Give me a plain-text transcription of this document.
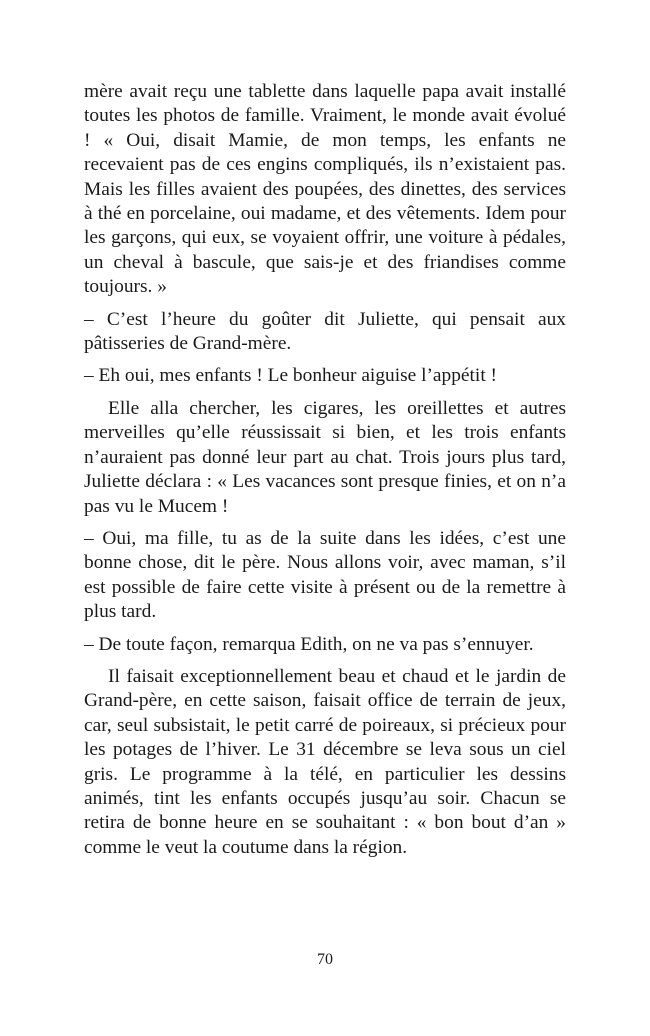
mère avait reçu une tablette dans laquelle papa avait installé toutes les photos de famille. Vraiment, le monde avait évolué ! « Oui, disait Mamie, de mon temps, les enfants ne recevaient pas de ces engins compliqués, ils n’existaient pas. Mais les filles avaient des poupées, des dinettes, des services à thé en porcelaine, oui madame, et des vêtements. Idem pour les garçons, qui eux, se voyaient offrir, une voiture à pédales, un cheval à bascule, que sais-je et des friandises comme toujours. »

– C’est l’heure du goûter dit Juliette, qui pensait aux pâtisseries de Grand-mère.

– Eh oui, mes enfants ! Le bonheur aiguise l’appétit !

Elle alla chercher, les cigares, les oreillettes et autres merveilles qu’elle réussissait si bien, et les trois enfants n’auraient pas donné leur part au chat. Trois jours plus tard, Juliette déclara : « Les vacances sont presque finies, et on n’a pas vu le Mucem !

– Oui, ma fille, tu as de la suite dans les idées, c’est une bonne chose, dit le père. Nous allons voir, avec maman, s’il est possible de faire cette visite à présent ou de la remettre à plus tard.

– De toute façon, remarqua Edith, on ne va pas s’ennuyer.

Il faisait exceptionnellement beau et chaud et le jardin de Grand-père, en cette saison, faisait office de terrain de jeux, car, seul subsistait, le petit carré de poireaux, si précieux pour les potages de l’hiver. Le 31 décembre se leva sous un ciel gris. Le programme à la télé, en particulier les dessins animés, tint les enfants occupés jusqu’au soir. Chacun se retira de bonne heure en se souhaitant : « bon bout d’an » comme le veut la coutume dans la région.

70
